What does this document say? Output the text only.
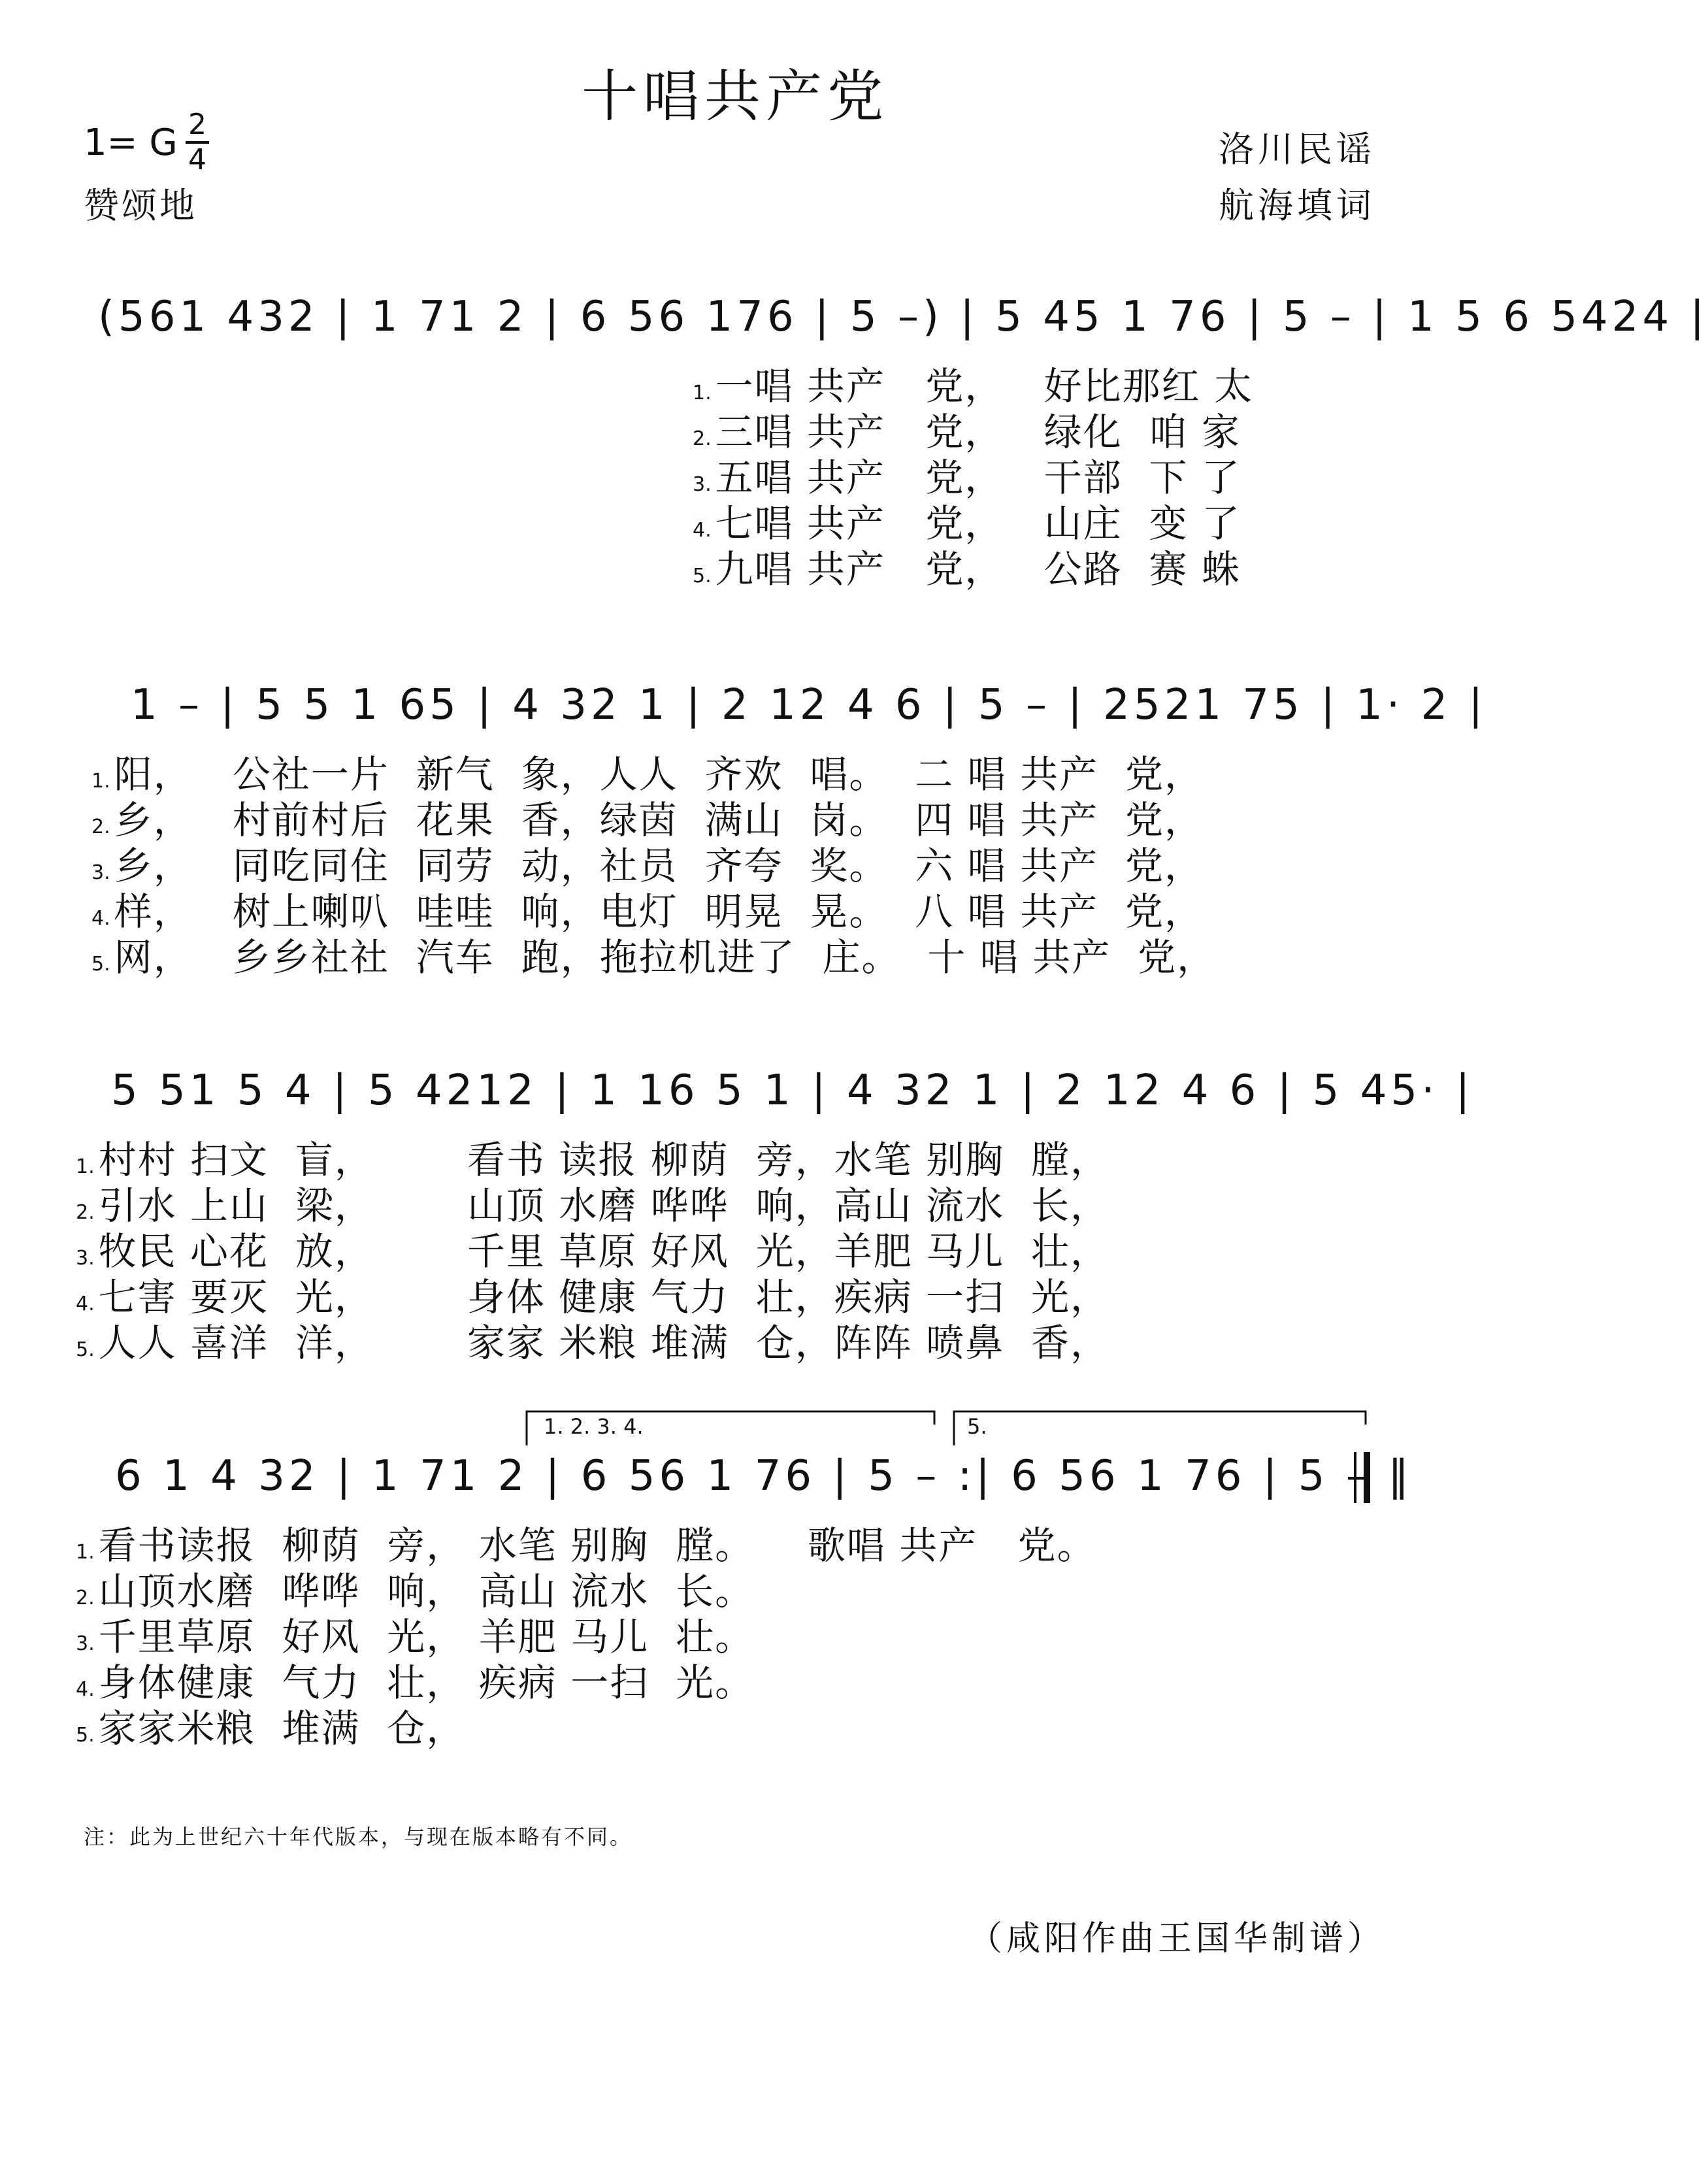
十唱共产党
1= G 2
4
赞颂地
洛川民谣
航海填词
(561 432 | 1 71 2 | 6 56 176 | 5 –) | 5 45 1 76 | 5 – | 1 5 6 5424 |
1. 一唱 共产   党，   好比那红 太
2. 三唱 共产   党，   绿化  咱 家
3. 五唱 共产   党，   干部  下 了
4. 七唱 共产   党，   山庄  变 了
5. 九唱 共产   党，   公路  赛 蛛
1 – | 5 5 1 65 | 4 32 1 | 2 12 4 6 | 5 – | 2521 75 | 1· 2 |
1. 阳，   公社一片  新气  象，人人  齐欢  唱。  二 唱 共产  党，
2. 乡，   村前村后  花果  香，绿茵  满山  岗。  四 唱 共产  党，
3. 乡，   同吃同住  同劳  动，社员  齐夸  奖。  六 唱 共产  党，
4. 样，   树上喇叭  哇哇  响，电灯  明晃  晃。  八 唱 共产  党，
5. 网，   乡乡社社  汽车  跑，拖拉机进了  庄。  十 唱 共产  党，
5 51 5 4 | 5 4212 | 1 16 5 1 | 4 32 1 | 2 12 4 6 | 5 45· |
1. 村村 扫文  盲，       看书 读报 柳荫  旁，水笔 别胸  膛，
2. 引水 上山  梁，       山顶 水磨 哗哗  响，高山 流水  长，
3. 牧民 心花  放，       千里 草原 好风  光，羊肥 马儿  壮，
4. 七害 要灭  光，       身体 健康 气力  壮，疾病 一扫  光，
5. 人人 喜洋  洋，       家家 米粮 堆满  仓，阵阵 喷鼻  香，
1. 2. 3. 4.	5.
6 1 4 32 | 1 71 2 | 6 56 1 76 | 5 – :| 6 56 1 76 | 5 – ‖
1. 看书读报  柳荫  旁， 水笔 别胸  膛。    歌唱 共产   党。
2. 山顶水磨  哗哗  响， 高山 流水  长。
3. 千里草原  好风  光， 羊肥 马儿  壮。
4. 身体健康  气力  壮， 疾病 一扫  光。
5. 家家米粮  堆满  仓，
注：此为上世纪六十年代版本，与现在版本略有不同。
（咸阳作曲王国华制谱）
